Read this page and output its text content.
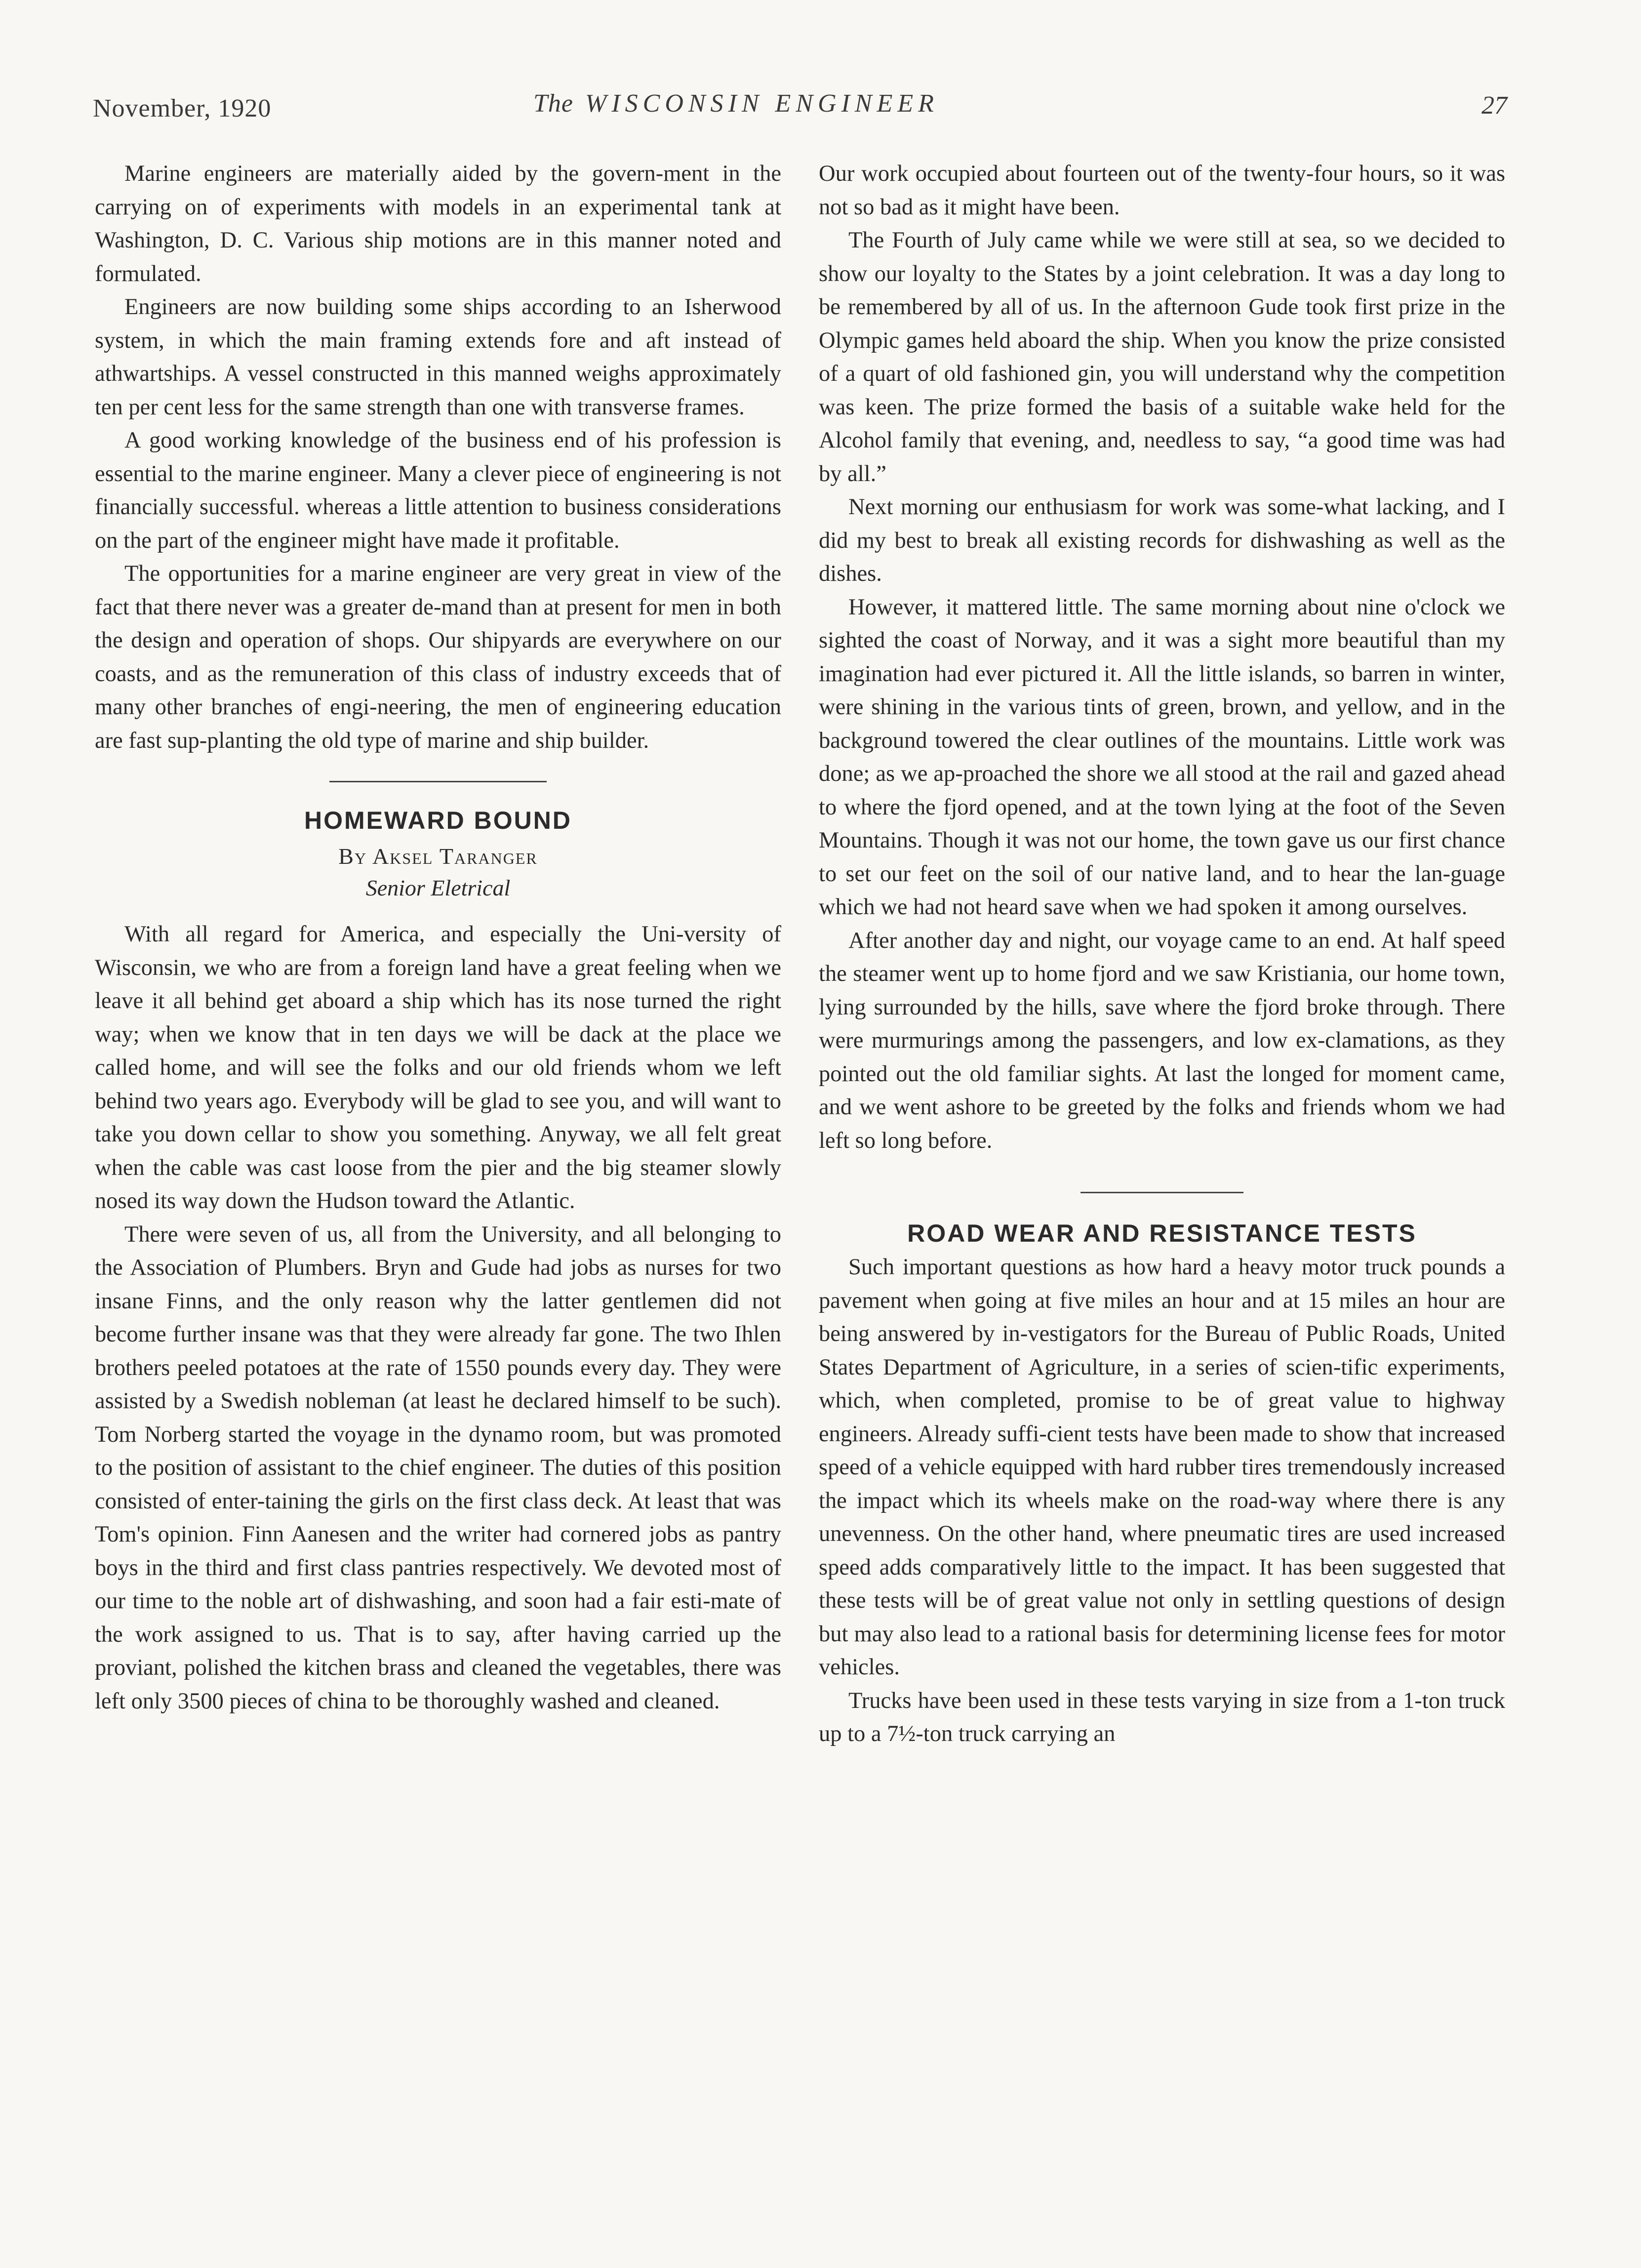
November, 1920	The WISCONSIN ENGINEER	27

Marine engineers are materially aided by the govern-ment in the carrying on of experiments with models in an experimental tank at Washington, D. C. Various ship motions are in this manner noted and formulated.

Engineers are now building some ships according to an Isherwood system, in which the main framing extends fore and aft instead of athwartships. A vessel constructed in this manned weighs approximately ten per cent less for the same strength than one with transverse frames.

A good working knowledge of the business end of his profession is essential to the marine engineer. Many a clever piece of engineering is not financially successful. whereas a little attention to business considerations on the part of the engineer might have made it profitable.

The opportunities for a marine engineer are very great in view of the fact that there never was a greater de-mand than at present for men in both the design and operation of shops. Our shipyards are everywhere on our coasts, and as the remuneration of this class of industry exceeds that of many other branches of engi-neering, the men of engineering education are fast sup-planting the old type of marine and ship builder.

HOMEWARD BOUND
By Aksel Taranger
Senior Eletrical

With all regard for America, and especially the Uni-versity of Wisconsin, we who are from a foreign land have a great feeling when we leave it all behind get aboard a ship which has its nose turned the right way; when we know that in ten days we will be dack at the place we called home, and will see the folks and our old friends whom we left behind two years ago. Everybody will be glad to see you, and will want to take you down cellar to show you something. Anyway, we all felt great when the cable was cast loose from the pier and the big steamer slowly nosed its way down the Hudson toward the Atlantic.

There were seven of us, all from the University, and all belonging to the Association of Plumbers. Bryn and Gude had jobs as nurses for two insane Finns, and the only reason why the latter gentlemen did not become further insane was that they were already far gone. The two Ihlen brothers peeled potatoes at the rate of 1550 pounds every day. They were assisted by a Swedish nobleman (at least he declared himself to be such). Tom Norberg started the voyage in the dynamo room, but was promoted to the position of assistant to the chief engineer. The duties of this position consisted of enter-taining the girls on the first class deck. At least that was Tom's opinion. Finn Aanesen and the writer had cornered jobs as pantry boys in the third and first class pantries respectively. We devoted most of our time to the noble art of dishwashing, and soon had a fair esti-mate of the work assigned to us. That is to say, after having carried up the proviant, polished the kitchen brass and cleaned the vegetables, there was left only 3500 pieces of china to be thoroughly washed and cleaned.

Our work occupied about fourteen out of the twenty-four hours, so it was not so bad as it might have been.

The Fourth of July came while we were still at sea, so we decided to show our loyalty to the States by a joint celebration. It was a day long to be remembered by all of us. In the afternoon Gude took first prize in the Olympic games held aboard the ship. When you know the prize consisted of a quart of old fashioned gin, you will understand why the competition was keen. The prize formed the basis of a suitable wake held for the Alcohol family that evening, and, needless to say, “a good time was had by all.”

Next morning our enthusiasm for work was some-what lacking, and I did my best to break all existing records for dishwashing as well as the dishes.

However, it mattered little. The same morning about nine o'clock we sighted the coast of Norway, and it was a sight more beautiful than my imagination had ever pictured it. All the little islands, so barren in winter, were shining in the various tints of green, brown, and yellow, and in the background towered the clear outlines of the mountains. Little work was done; as we ap-proached the shore we all stood at the rail and gazed ahead to where the fjord opened, and at the town lying at the foot of the Seven Mountains. Though it was not our home, the town gave us our first chance to set our feet on the soil of our native land, and to hear the lan-guage which we had not heard save when we had spoken it among ourselves.

After another day and night, our voyage came to an end. At half speed the steamer went up to home fjord and we saw Kristiania, our home town, lying surrounded by the hills, save where the fjord broke through. There were murmurings among the passengers, and low ex-clamations, as they pointed out the old familiar sights. At last the longed for moment came, and we went ashore to be greeted by the folks and friends whom we had left so long before.

ROAD WEAR AND RESISTANCE TESTS

Such important questions as how hard a heavy motor truck pounds a pavement when going at five miles an hour and at 15 miles an hour are being answered by in-vestigators for the Bureau of Public Roads, United States Department of Agriculture, in a series of scien-tific experiments, which, when completed, promise to be of great value to highway engineers. Already suffi-cient tests have been made to show that increased speed of a vehicle equipped with hard rubber tires tremendously increased the impact which its wheels make on the road-way where there is any unevenness. On the other hand, where pneumatic tires are used increased speed adds comparatively little to the impact. It has been suggested that these tests will be of great value not only in settling questions of design but may also lead to a rational basis for determining license fees for motor vehicles.

Trucks have been used in these tests varying in size from a 1-ton truck up to a 7½-ton truck carrying an
